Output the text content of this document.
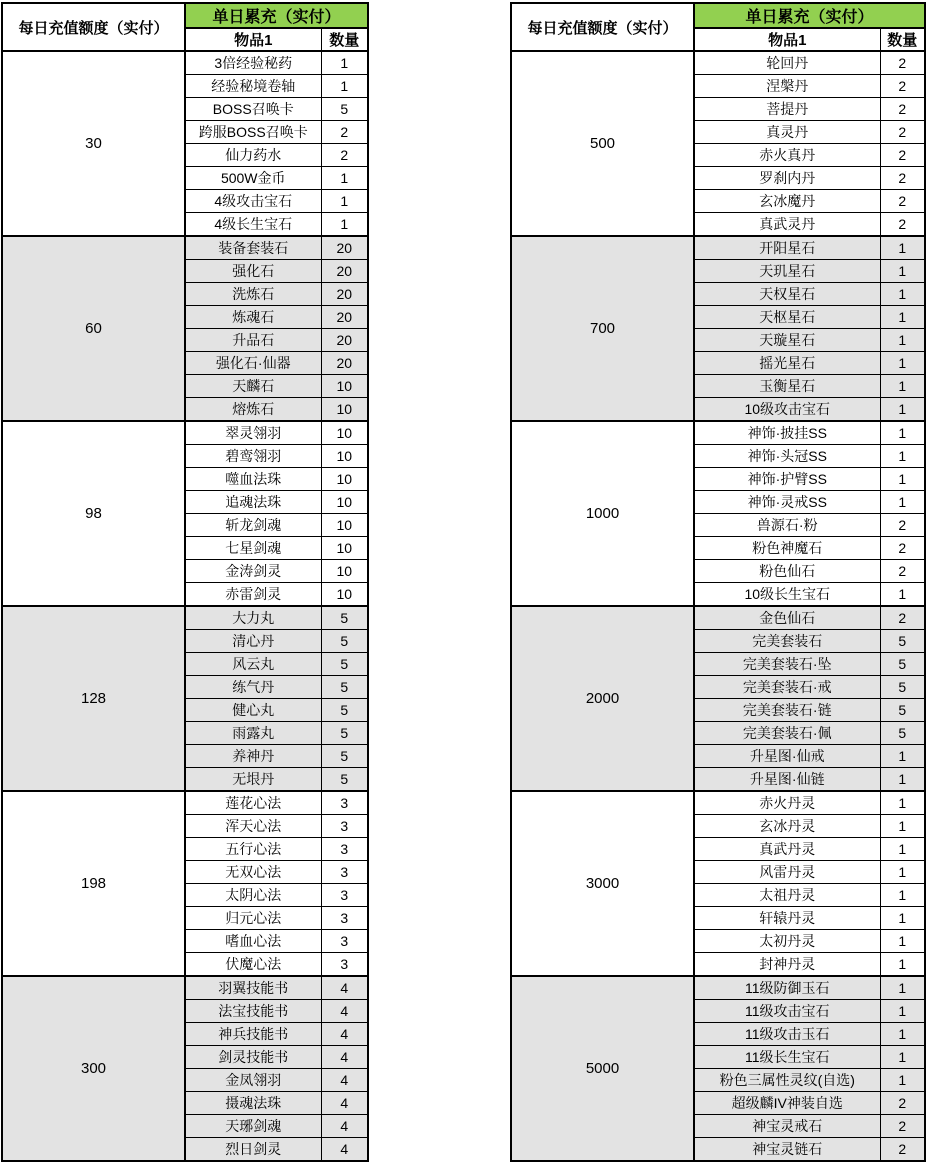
每日充值额度（实付）	单日累充（实付）	
	物品1	数量
30	3倍经验秘药	1
	经验秘境卷轴	1
	BOSS召唤卡	5
	跨服BOSS召唤卡	2
	仙力药水	2
	500W金币	1
	4级攻击宝石	1
	4级长生宝石	1
60	装备套装石	20
	强化石	20
	洗炼石	20
	炼魂石	20
	升品石	20
	强化石·仙器	20
	天麟石	10
	熔炼石	10
98	翠灵翎羽	10
	碧鸾翎羽	10
	噬血法珠	10
	追魂法珠	10
	斩龙剑魂	10
	七星剑魂	10
	金涛剑灵	10
	赤雷剑灵	10
128	大力丸	5
	清心丹	5
	风云丸	5
	练气丹	5
	健心丸	5
	雨露丸	5
	养神丹	5
	无垠丹	5
198	莲花心法	3
	浑天心法	3
	五行心法	3
	无双心法	3
	太阴心法	3
	归元心法	3
	嗜血心法	3
	伏魔心法	3
300	羽翼技能书	4
	法宝技能书	4
	神兵技能书	4
	剑灵技能书	4
	金凤翎羽	4
	摄魂法珠	4
	天琊剑魂	4
	烈日剑灵	4
每日充值额度（实付）	单日累充（实付）	
	物品1	数量
500	轮回丹	2
	涅槃丹	2
	菩提丹	2
	真灵丹	2
	赤火真丹	2
	罗刹内丹	2
	玄冰魔丹	2
	真武灵丹	2
700	开阳星石	1
	天玑星石	1
	天权星石	1
	天枢星石	1
	天璇星石	1
	摇光星石	1
	玉衡星石	1
	10级攻击宝石	1
1000	神饰·披挂SS	1
	神饰·头冠SS	1
	神饰·护臂SS	1
	神饰·灵戒SS	1
	兽源石·粉	2
	粉色神魔石	2
	粉色仙石	2
	10级长生宝石	1
2000	金色仙石	2
	完美套装石	5
	完美套装石·坠	5
	完美套装石·戒	5
	完美套装石·链	5
	完美套装石·佩	5
	升星图·仙戒	1
	升星图·仙链	1
3000	赤火丹灵	1
	玄冰丹灵	1
	真武丹灵	1
	风雷丹灵	1
	太祖丹灵	1
	轩辕丹灵	1
	太初丹灵	1
	封神丹灵	1
5000	11级防御玉石	1
	11级攻击宝石	1
	11级攻击玉石	1
	11级长生宝石	1
	粉色三属性灵纹(自选)	1
	超级麟IV神装自选	2
	神宝灵戒石	2
	神宝灵链石	2
